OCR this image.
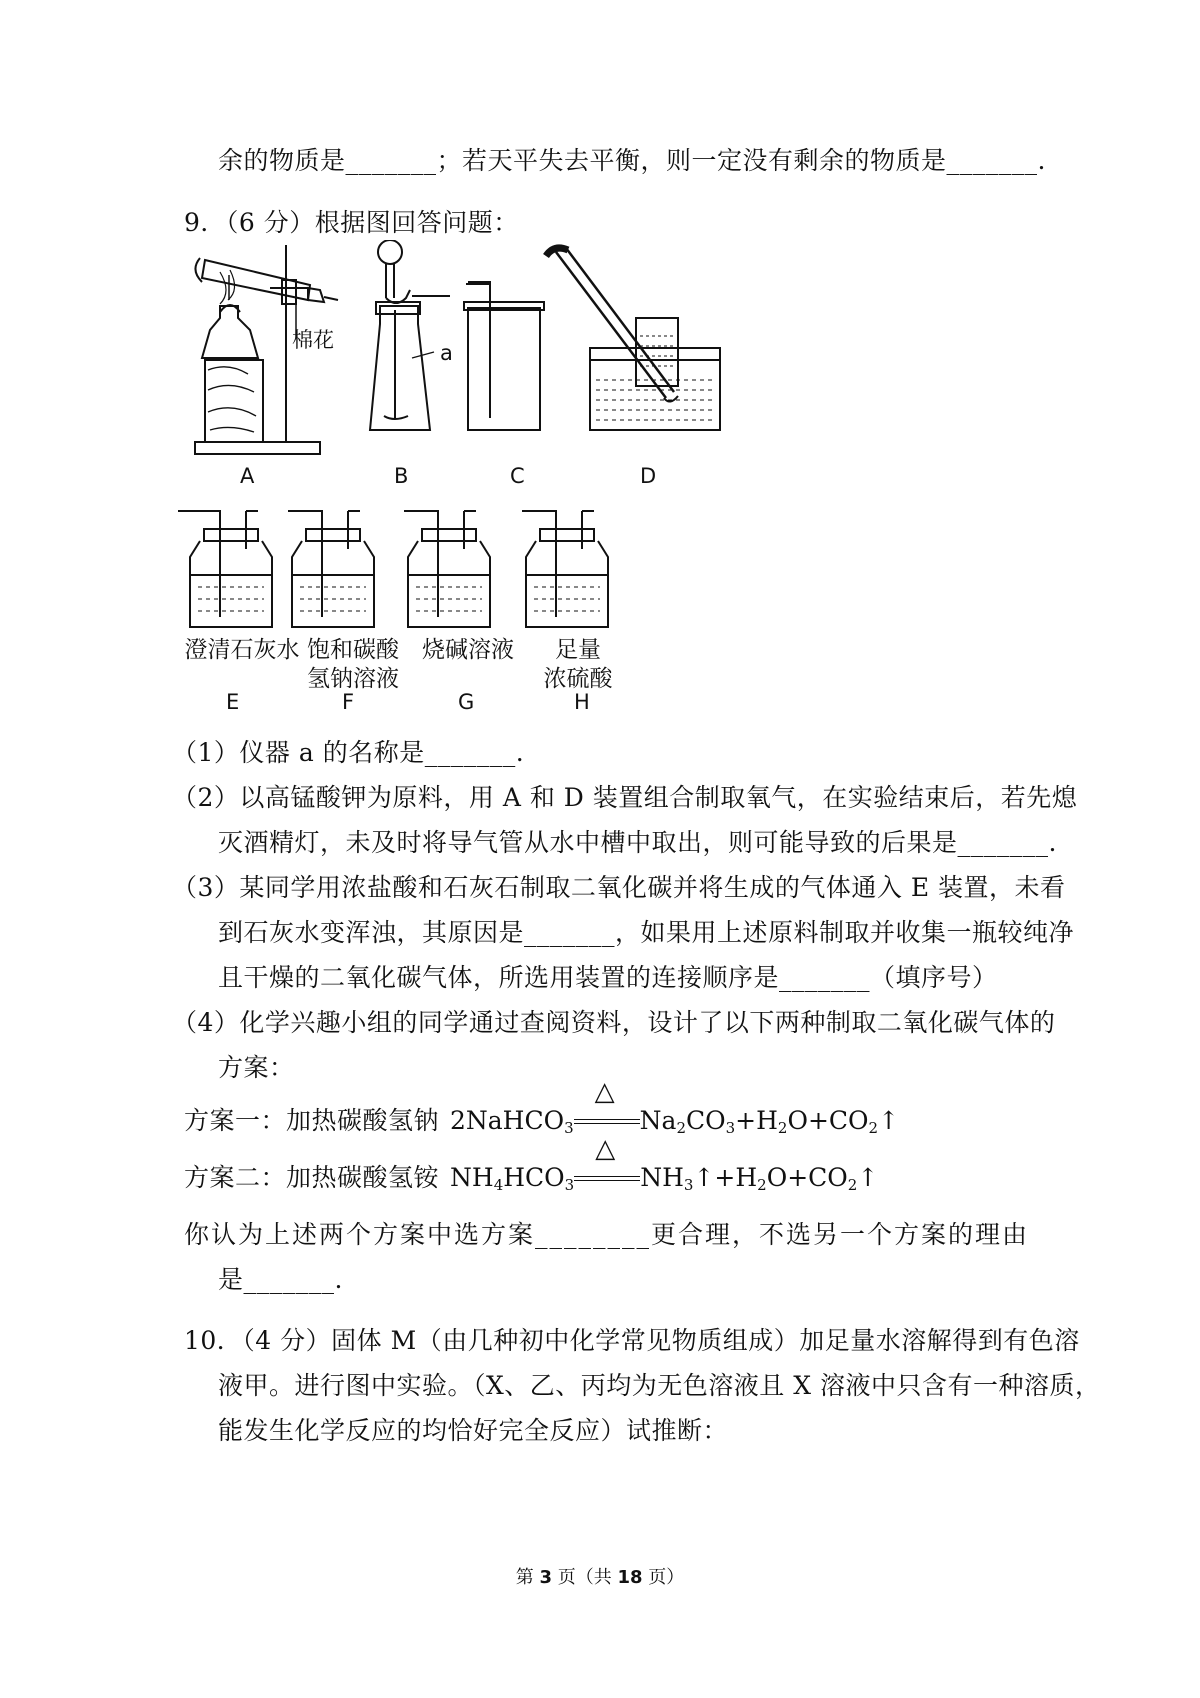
余的物质是_______；若天平失去平衡，则一定没有剩余的物质是_______.
9．（6 分）根据图回答问题：
棉花
a
A	B	C	D
澄清石灰水 饱和碳酸
氢钠溶液
烧碱溶液	足量
浓硫酸
E	F	G	H
（1）仪器 a 的名称是_______.
（2）以高锰酸钾为原料，用 A 和 D 装置组合制取氧气，在实验结束后，若先熄
灭酒精灯，未及时将导气管从水中槽中取出，则可能导致的后果是_______.
（3）某同学用浓盐酸和石灰石制取二氧化碳并将生成的气体通入 E 装置，未看
到石灰水变浑浊，其原因是_______，如果用上述原料制取并收集一瓶较纯净
且干燥的二氧化碳气体，所选用装置的连接顺序是_______（填序号）
（4）化学兴趣小组的同学通过查阅资料，设计了以下两种制取二氧化碳气体的
方案：
方案一：加热碳酸氢钠 2NaHCO$_3$
△
$Na_2CO_3+H_2O+CO_2↑$
方案二：加热碳酸氢铵 $NH_4HCO_3$
△
$NH_3↑+H_2O+CO_2↑$
你认为上述两个方案中选方案________更合理，不选另一个方案的理由
是_______.
10．（4 分）固体 M（由几种初中化学常见物质组成）加足量水溶解得到有色溶
液甲。进行图中实验。（X、乙、丙均为无色溶液且 X 溶液中只含有一种溶质，
能发生化学反应的均恰好完全反应）试推断：
第 3 页（共 18 页）
